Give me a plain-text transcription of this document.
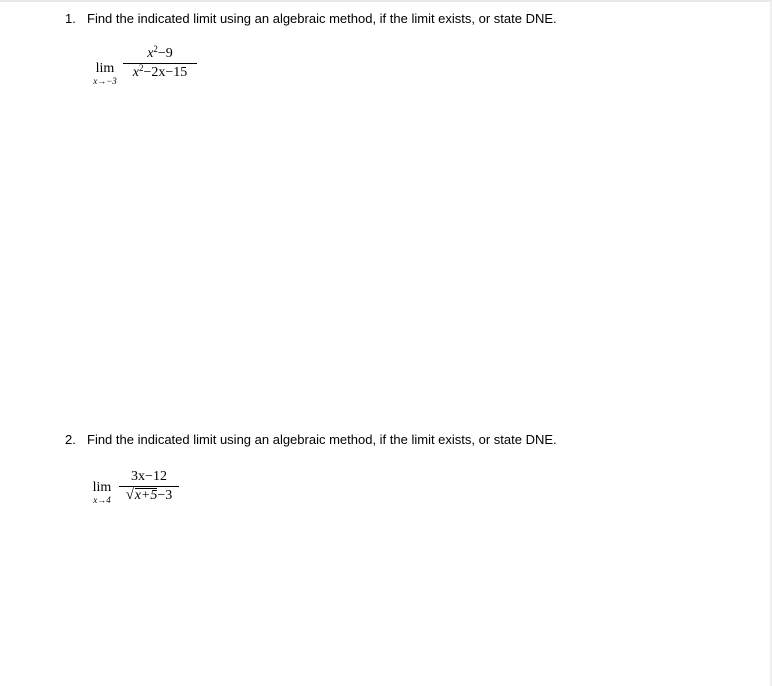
1. Find the indicated limit using an algebraic method, if the limit exists, or state DNE.
lim
x→−3
$x^2-9$
$x^2-2x-15$
2. Find the indicated limit using an algebraic method, if the limit exists, or state DNE.
lim
x→4
3x−12
√ x+5−3
